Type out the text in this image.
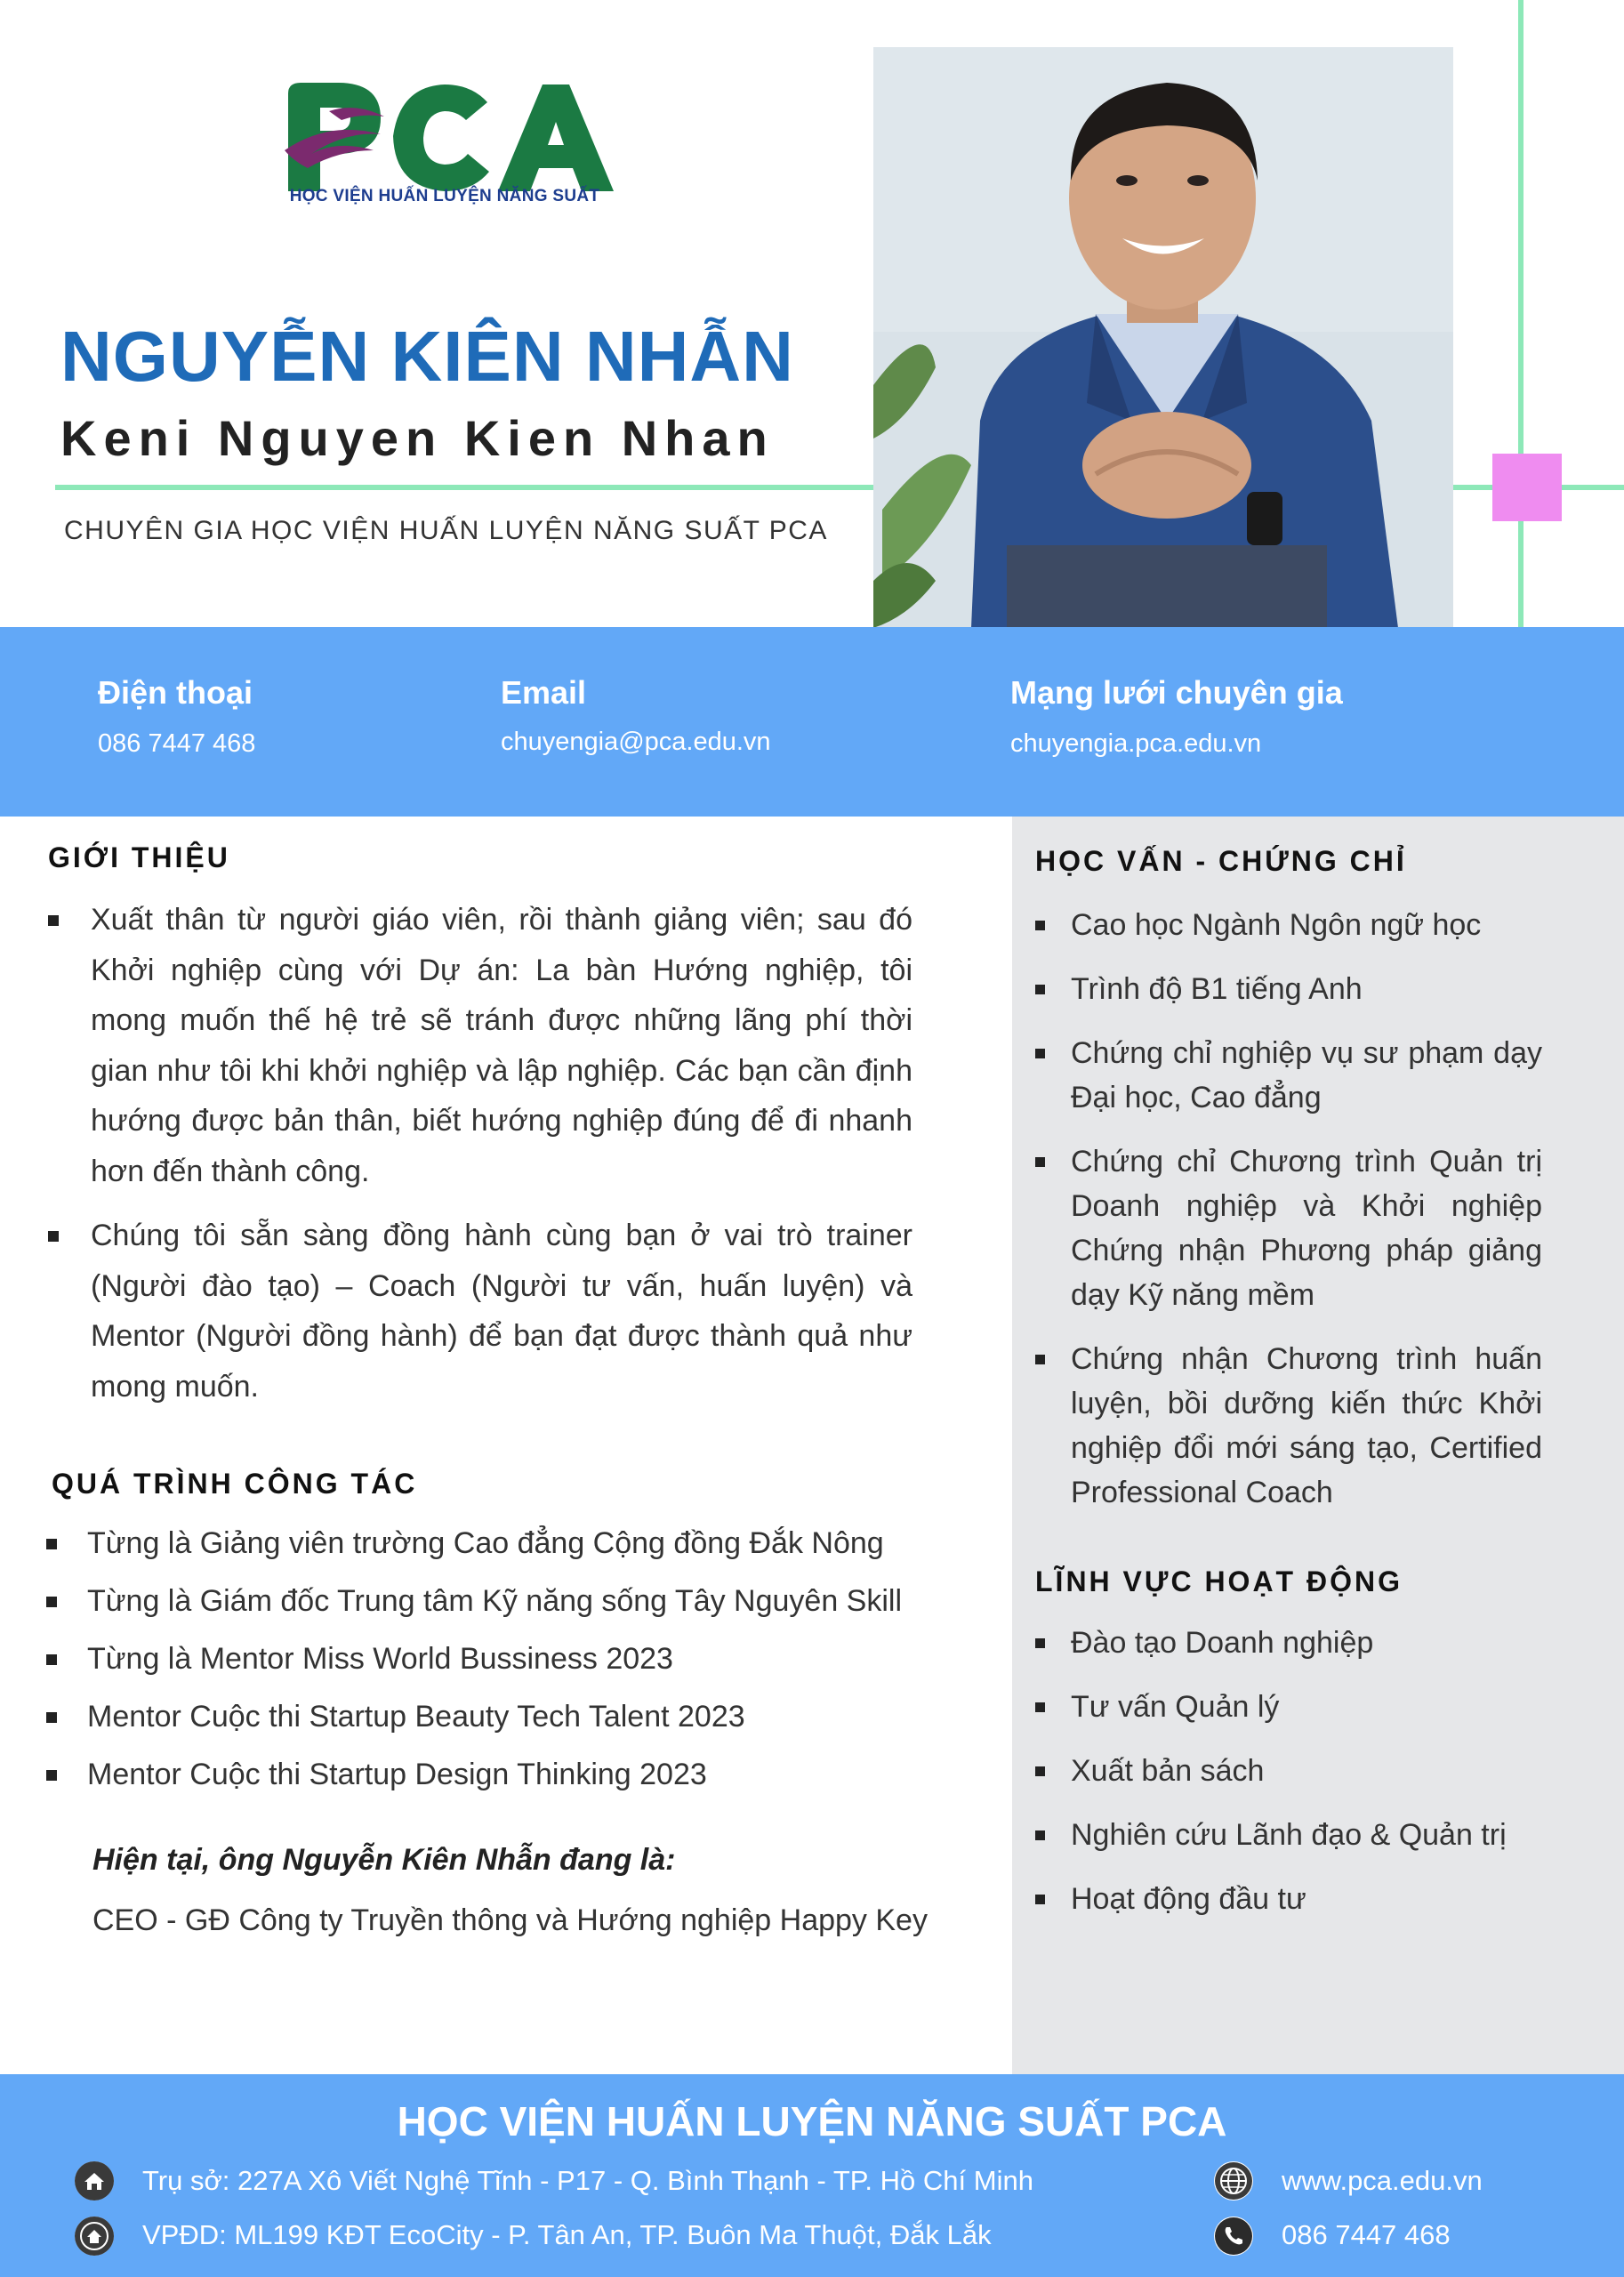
HỌC VIỆN HUẤN LUYỆN NĂNG SUẤT
NGUYỄN KIÊN NHẪN
Keni Nguyen Kien Nhan
CHUYÊN GIA HỌC VIỆN HUẤN LUYỆN NĂNG SUẤT PCA
Điện thoại
086 7447 468
Email
chuyengia@pca.edu.vn
Mạng lưới chuyên gia
chuyengia.pca.edu.vn
GIỚI THIỆU
Xuất thân từ người giáo viên, rồi thành giảng viên; sau đó Khởi nghiệp cùng với Dự án: La bàn Hướng nghiệp, tôi mong muốn thế hệ trẻ sẽ tránh được những lãng phí thời gian như tôi khi khởi nghiệp và lập nghiệp. Các bạn cần định hướng được bản thân, biết hướng nghiệp đúng để đi nhanh hơn đến thành công.
Chúng tôi sẵn sàng đồng hành cùng bạn ở vai trò trainer (Người đào tạo) – Coach (Người tư vấn, huấn luyện) và Mentor (Người đồng hành) để bạn đạt được thành quả như mong muốn.
QUÁ TRÌNH CÔNG TÁC
Từng là Giảng viên trường Cao đẳng Cộng đồng Đắk Nông
Từng là Giám đốc Trung tâm Kỹ năng sống Tây Nguyên Skill
Từng là Mentor Miss World Bussiness 2023
Mentor Cuộc thi Startup Beauty Tech Talent 2023
Mentor Cuộc thi Startup Design Thinking 2023
Hiện tại, ông Nguyễn Kiên Nhẫn đang là:
CEO - GĐ Công ty Truyền thông và Hướng nghiệp Happy Key
HỌC VẤN - CHỨNG CHỈ
Cao học Ngành Ngôn ngữ học
Trình độ B1 tiếng Anh
Chứng chỉ nghiệp vụ sư phạm dạy Đại học, Cao đẳng
Chứng chỉ Chương trình Quản trị Doanh nghiệp và Khởi nghiệp Chứng nhận Phương pháp giảng dạy Kỹ năng mềm
Chứng nhận Chương trình huấn luyện, bồi dưỡng kiến thức Khởi nghiệp đổi mới sáng tạo, Certified Professional Coach
LĨNH VỰC HOẠT ĐỘNG
Đào tạo Doanh nghiệp
Tư vấn Quản lý
Xuất bản sách
Nghiên cứu Lãnh đạo & Quản trị
Hoạt động đầu tư
HỌC VIỆN HUẤN LUYỆN NĂNG SUẤT PCA
Trụ sở: 227A Xô Viết Nghệ Tĩnh - P17 - Q. Bình Thạnh - TP. Hồ Chí Minh
VPĐD: ML199 KĐT EcoCity - P. Tân An, TP. Buôn Ma Thuột, Đắk Lắk
www.pca.edu.vn
086 7447 468
